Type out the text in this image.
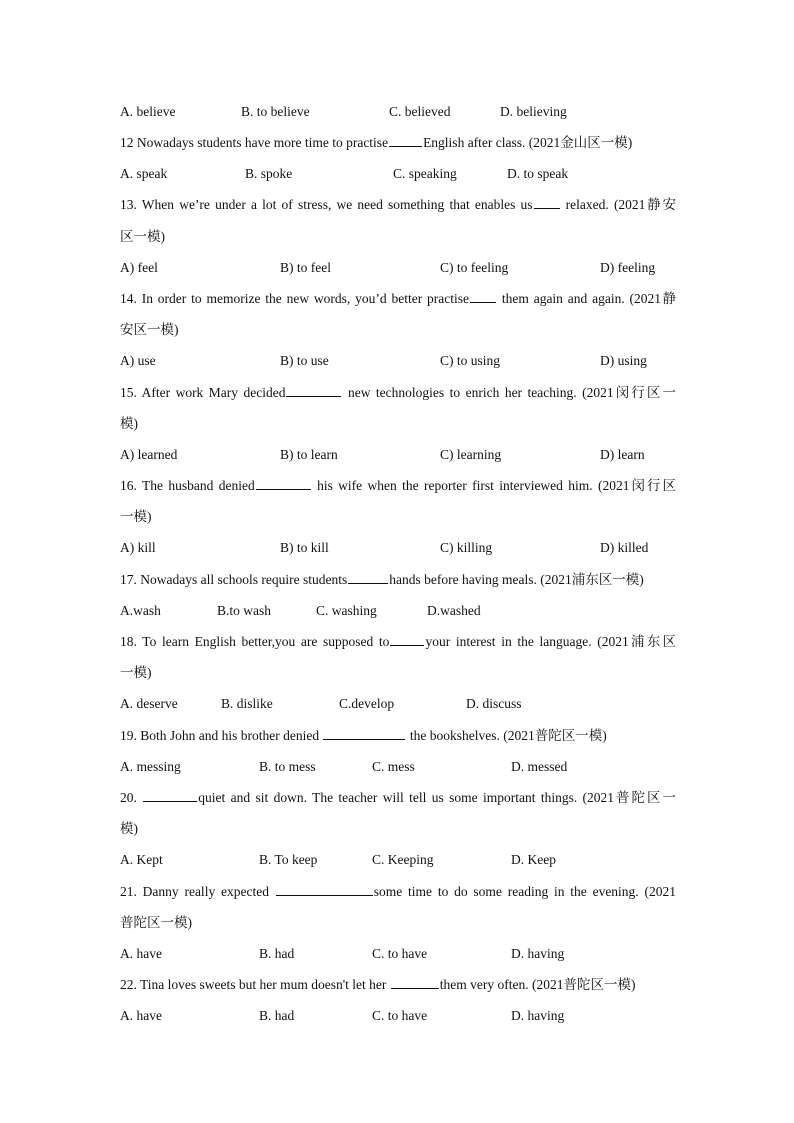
A. believe	B. to believe	C. believed	D. believing
12 Nowadays students have more time to practise	English after class. (2021金山区一模)
A. speak	B. spoke	C. speaking	D. to speak
13. When we’re under a lot of stress, we need something that enables us relaxed. (2021静安
区一模)
A) feel	B) to feel	C) to feeling	D) feeling
14. In order to memorize the new words, you’d better practise them again and again. (2021静
安区一模)
A) use	B) to use	C) to using	D) using
15. After work Mary decided	new technologies to enrich her teaching. (2021闵行区一
模)
A) learned	B) to learn	C) learning	D) learn
16. The husband denied	his wife when the reporter first interviewed him. (2021闵行区
一模)
A) kill	B) to kill	C) killing	D) killed
17. Nowadays all schools require students	hands before having meals. (2021浦东区一模)
A.wash	B.to wash	C. washing	D.washed
18. To learn English better,you are supposed to	your interest in the language. (2021浦东区
一模)
A. deserve	B. dislike	C.develop	D. discuss
19. Both John and his brother denied	the bookshelves. (2021普陀区一模)
A. messing	B. to mess	C. mess	D. messed
20.	quiet and sit down. The teacher will tell us some important things. (2021普陀区一
模)
A. Kept	B. To keep	C. Keeping	D. Keep
21. Danny really expected	some time to do some reading in the evening. (2021
普陀区一模)
A. have	B. had	C. to have	D. having
22. Tina loves sweets but her mum doesn't let her	them very often. (2021普陀区一模)
A. have	B. had	C. to have	D. having
